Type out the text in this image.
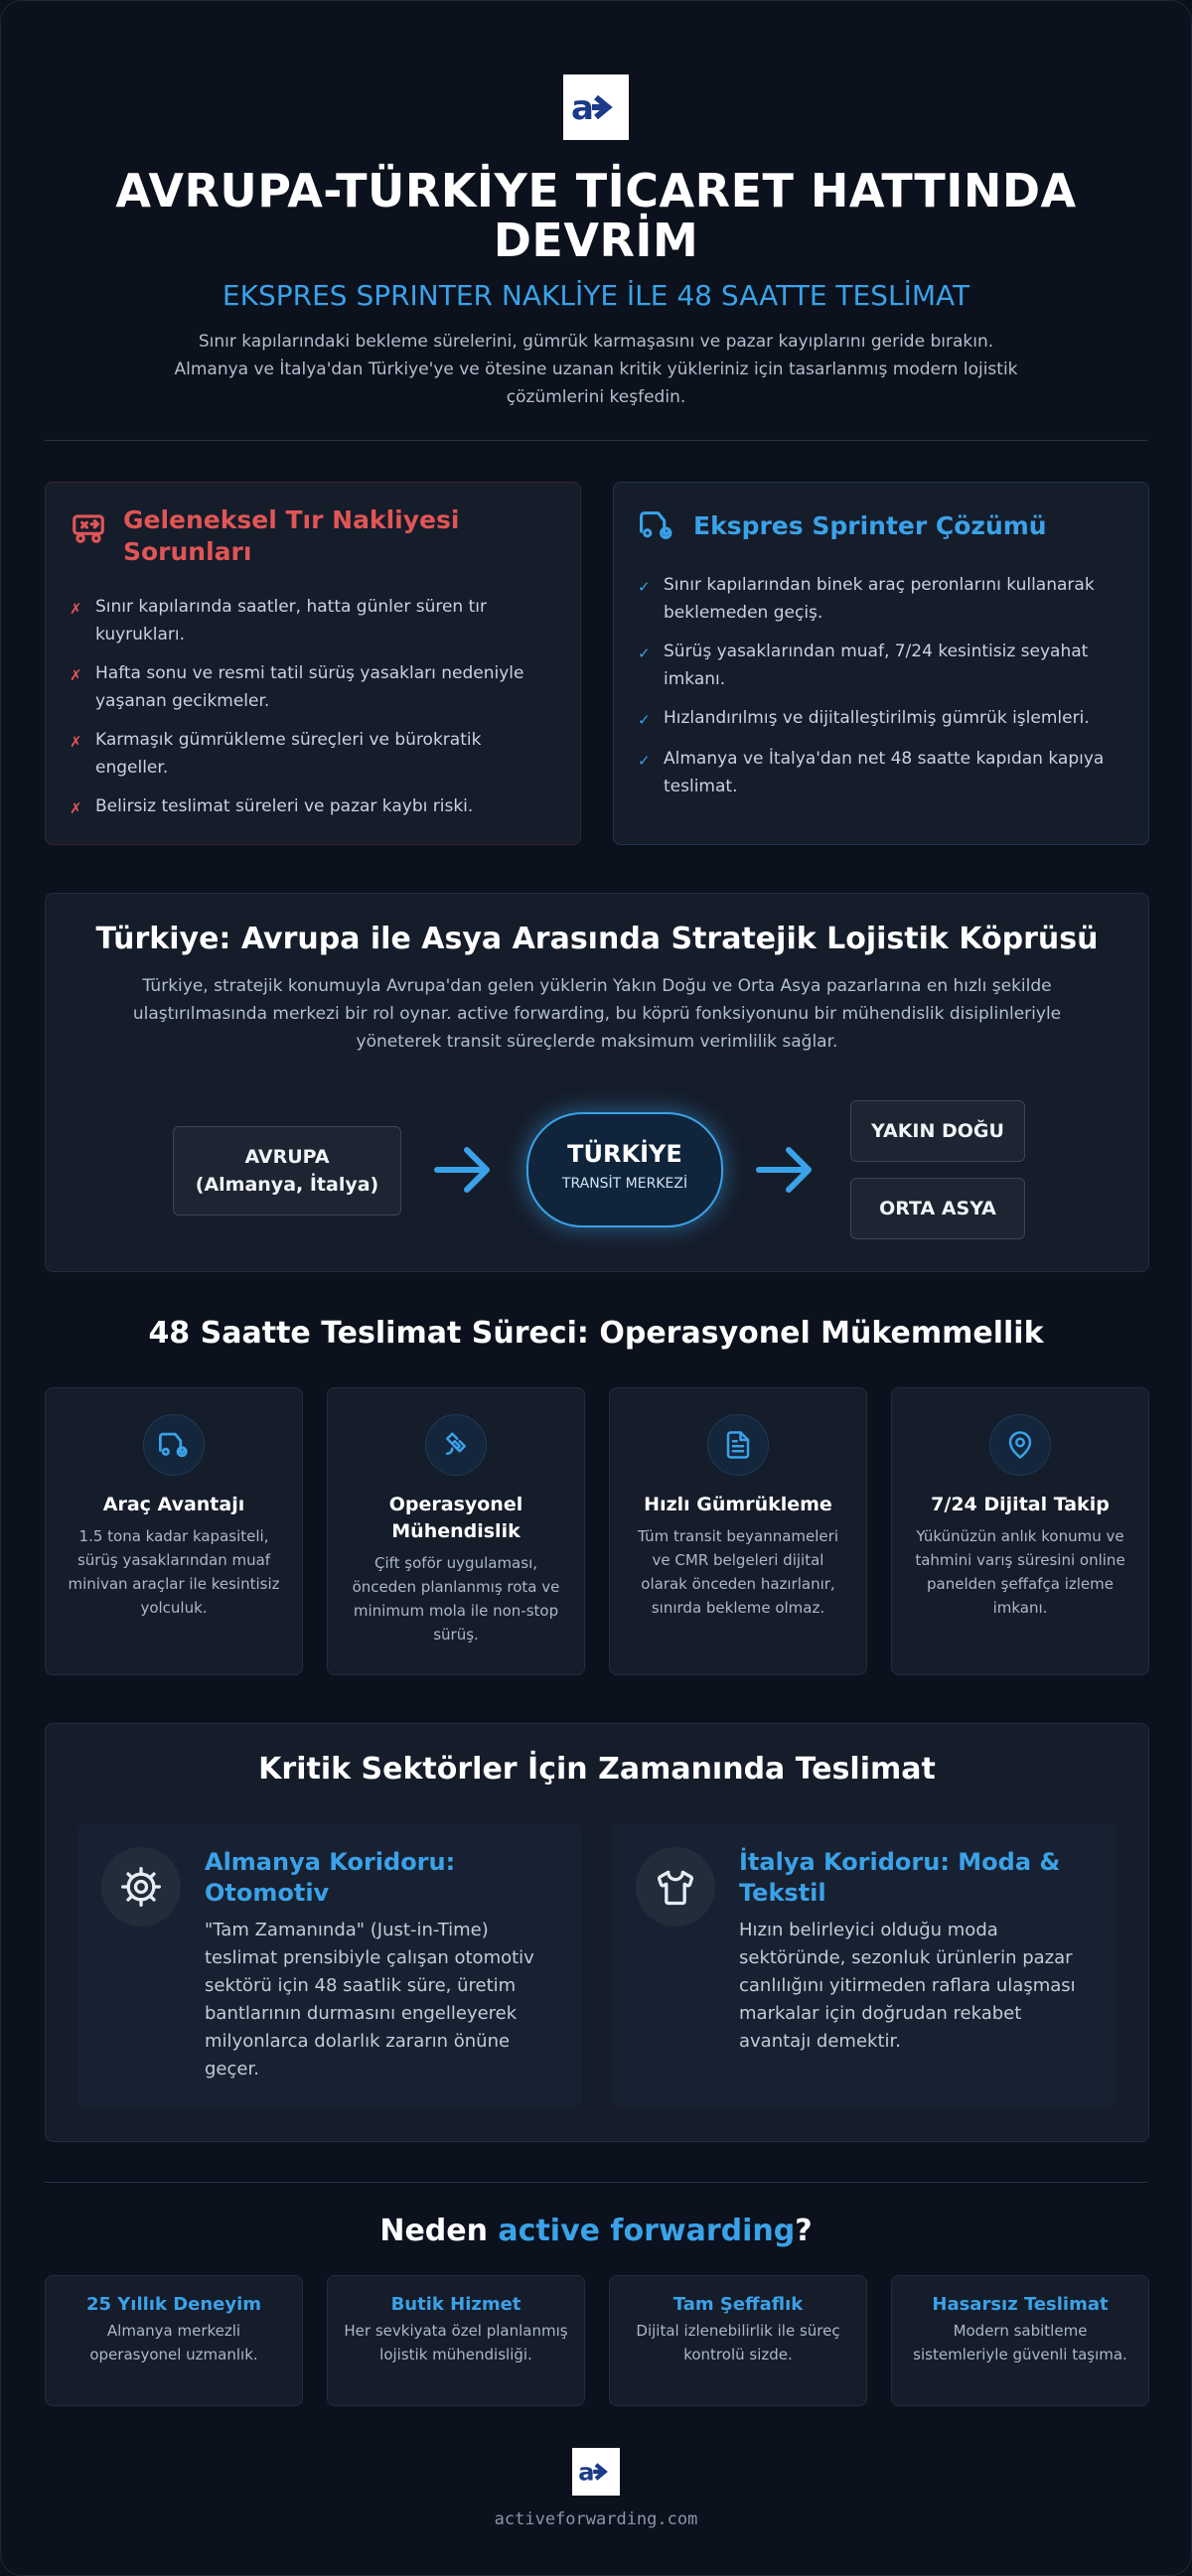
a
AVRUPA-TÜRKİYE TİCARET HATTINDA DEVRİM
EKSPRES SPRINTER NAKLİYE İLE 48 SAATTE TESLİMAT
Sınır kapılarındaki bekleme sürelerini, gümrük karmaşasını ve pazar kayıplarını geride bırakın. Almanya ve İtalya'dan Türkiye'ye ve ötesine uzanan kritik yükleriniz için tasarlanmış modern lojistik çözümlerini keşfedin.
Geleneksel Tır Nakliyesi Sorunları
✗ Sınır kapılarında saatler, hatta günler süren tır kuyrukları.
✗ Hafta sonu ve resmi tatil sürüş yasakları nedeniyle yaşanan gecikmeler.
✗ Karmaşık gümrükleme süreçleri ve bürokratik engeller.
✗ Belirsiz teslimat süreleri ve pazar kaybı riski.
Ekspres Sprinter Çözümü
✓ Sınır kapılarından binek araç peronlarını kullanarak beklemeden geçiş.
✓ Sürüş yasaklarından muaf, 7/24 kesintisiz seyahat imkanı.
✓ Hızlandırılmış ve dijitalleştirilmiş gümrük işlemleri.
✓ Almanya ve İtalya'dan net 48 saatte kapıdan kapıya teslimat.
Türkiye: Avrupa ile Asya Arasında Stratejik Lojistik Köprüsü
Türkiye, stratejik konumuyla Avrupa'dan gelen yüklerin Yakın Doğu ve Orta Asya pazarlarına en hızlı şekilde ulaştırılmasında merkezi bir rol oynar. active forwarding, bu köprü fonksiyonunu bir mühendislik disiplinleriyle yöneterek transit süreçlerde maksimum verimlilik sağlar.
AVRUPA
(Almanya, İtalya)
TÜRKİYE
TRANSİT MERKEZİ
YAKIN DOĞU
ORTA ASYA
48 Saatte Teslimat Süreci: Operasyonel Mükemmellik
Araç Avantajı
1.5 tona kadar kapasiteli, sürüş yasaklarından muaf minivan araçlar ile kesintisiz yolculuk.
Operasyonel Mühendislik
Çift şoför uygulaması, önceden planlanmış rota ve minimum mola ile non-stop sürüş.
Hızlı Gümrükleme
Tüm transit beyannameleri ve CMR belgeleri dijital olarak önceden hazırlanır, sınırda bekleme olmaz.
7/24 Dijital Takip
Yükünüzün anlık konumu ve tahmini varış süresini online panelden şeffafça izleme imkanı.
Kritik Sektörler İçin Zamanında Teslimat
Almanya Koridoru: Otomotiv
"Tam Zamanında" (Just-in-Time) teslimat prensibiyle çalışan otomotiv sektörü için 48 saatlik süre, üretim bantlarının durmasını engelleyerek milyonlarca dolarlık zararın önüne geçer.
İtalya Koridoru: Moda & Tekstil
Hızın belirleyici olduğu moda sektöründe, sezonluk ürünlerin pazar canlılığını yitirmeden raflara ulaşması markalar için doğrudan rekabet avantajı demektir.
Neden active forwarding?
25 Yıllık Deneyim
Almanya merkezli operasyonel uzmanlık.
Butik Hizmet
Her sevkiyata özel planlanmış lojistik mühendisliği.
Tam Şeffaflık
Dijital izlenebilirlik ile süreç kontrolü sizde.
Hasarsız Teslimat
Modern sabitleme sistemleriyle güvenli taşıma.
a
activeforwarding.com
